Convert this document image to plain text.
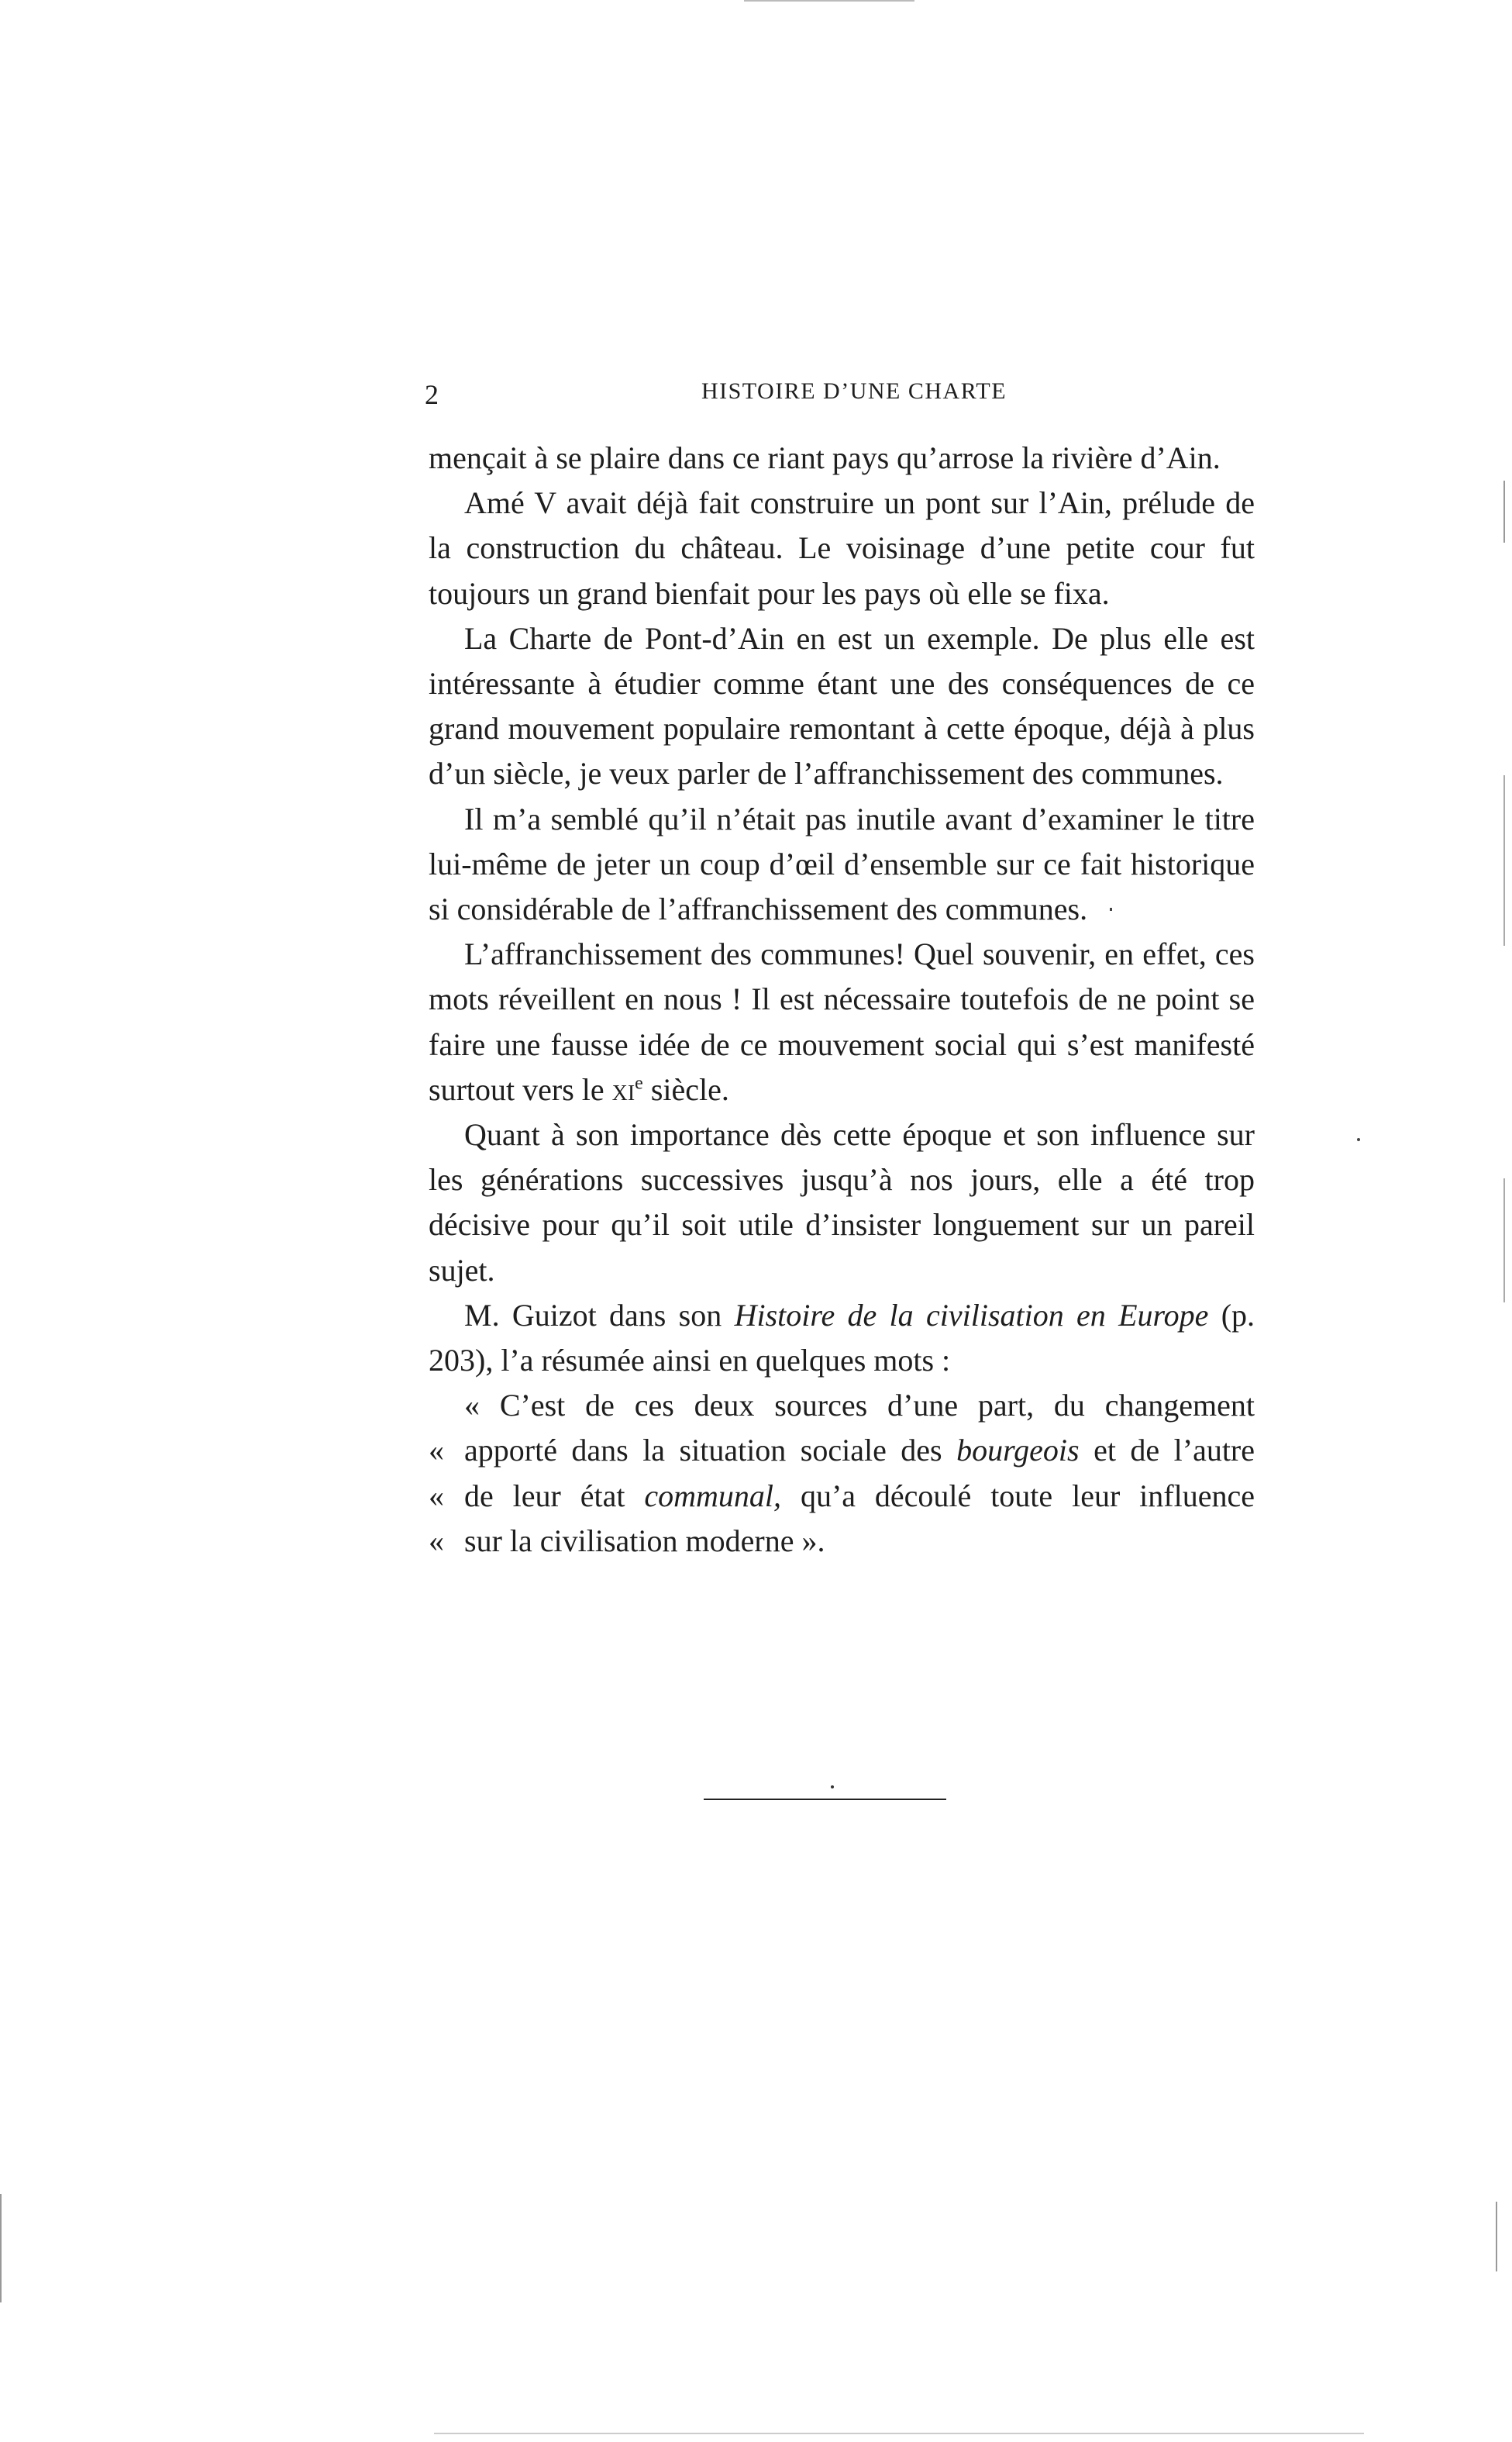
2	HISTOIRE D’UNE CHARTE

mençait à se plaire dans ce riant pays qu’arrose la rivière d’Ain.

Amé V avait déjà fait construire un pont sur l’Ain, prélude de la construction du château. Le voisinage d’une petite cour fut toujours un grand bienfait pour les pays où elle se fixa.

La Charte de Pont-d’Ain en est un exemple. De plus elle est intéressante à étudier comme étant une des conséquences de ce grand mouvement populaire remontant à cette époque, déjà à plus d’un siècle, je veux parler de l’affranchissement des communes.

Il m’a semblé qu’il n’était pas inutile avant d’examiner le titre lui-même de jeter un coup d’œil d’ensemble sur ce fait historique si considérable de l’affranchissement des communes.

L’affranchissement des communes! Quel souvenir, en effet, ces mots réveillent en nous ! Il est nécessaire toutefois de ne point se faire une fausse idée de ce mouvement social qui s’est manifesté surtout vers le $xi^e$ siècle.

Quant à son importance dès cette époque et son influence sur les générations successives jusqu’à nos jours, elle a été trop décisive pour qu’il soit utile d’insister longuement sur un pareil sujet.

M. Guizot dans son Histoire de la civilisation en Europe (p. 203), l’a résumée ainsi en quelques mots :

« C’est de ces deux sources d’une part, du changement
« apporté dans la situation sociale des bourgeois et de l’autre
« de leur état communal, qu’a découlé toute leur influence
« sur la civilisation moderne ».
